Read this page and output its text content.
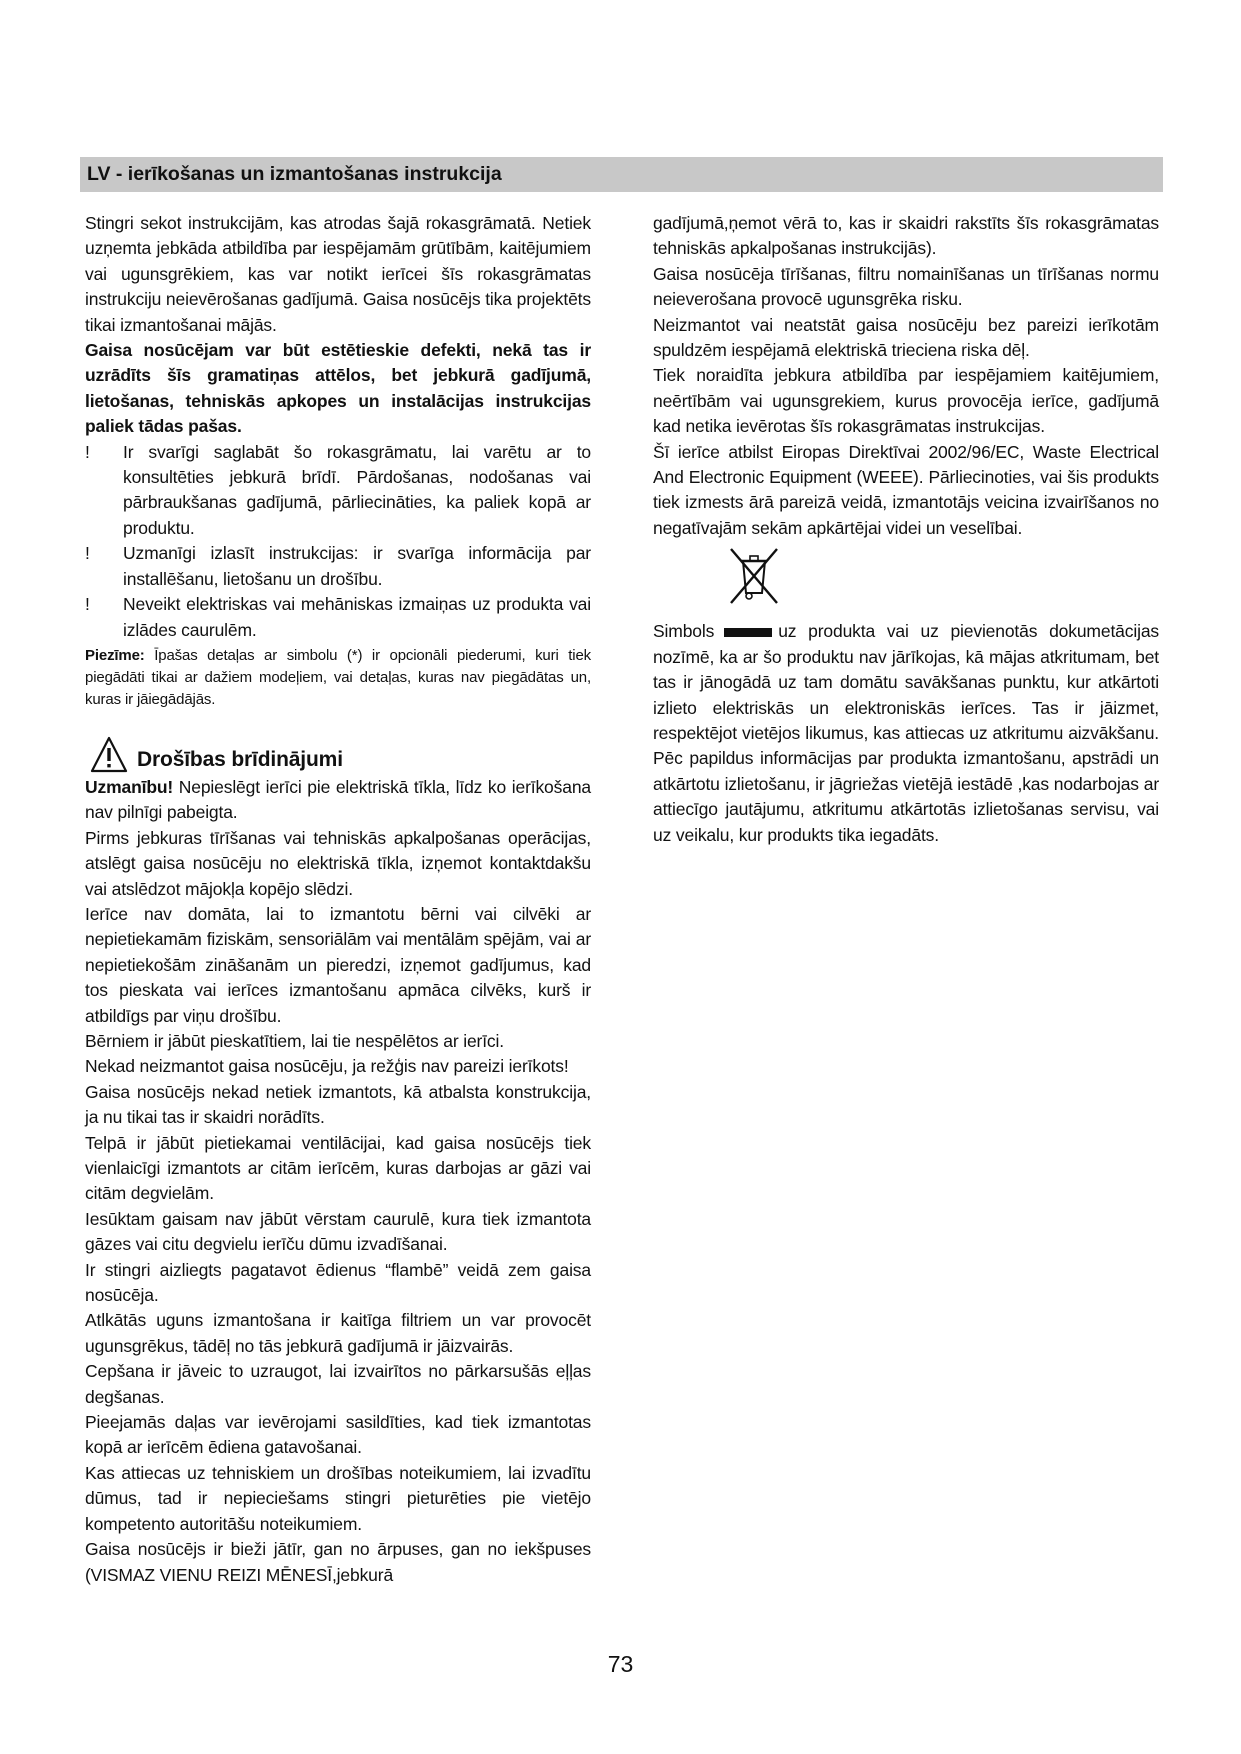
LV - ierīkošanas un izmantošanas instrukcija

Stingri sekot instrukcijām, kas atrodas šajā rokasgrāmatā. Netiek uzņemta jebkāda atbildība par iespējamām grūtībām, kaitējumiem vai ugunsgrēkiem, kas var notikt ierīcei šīs rokasgrāmatas instrukciju neievērošanas gadījumā. Gaisa nosūcējs tika projektēts tikai izmantošanai mājās.

Gaisa nosūcējam var būt estētieskie defekti, nekā tas ir uzrādīts šīs gramatiņas attēlos, bet jebkurā gadījumā, lietošanas, tehniskās apkopes un instalācijas instrukcijas paliek tādas pašas.

!	Ir svarīgi saglabāt šo rokasgrāmatu, lai varētu ar to konsultēties jebkurā brīdī. Pārdošanas, nodošanas vai pārbraukšanas gadījumā, pārliecināties, ka paliek kopā ar produktu.
!	Uzmanīgi izlasīt instrukcijas: ir svarīga informācija par installēšanu, lietošanu un drošību.
!	Neveikt elektriskas vai mehāniskas izmaiņas uz produkta vai izlādes caurulēm.

Piezīme: Īpašas detaļas ar simbolu (*) ir opcionāli piederumi, kuri tiek piegādāti tikai ar dažiem modeļiem, vai detaļas, kuras nav piegādātas un, kuras ir jāiegādājās.

Drošības brīdinājumi

Uzmanību! Nepieslēgt ierīci pie elektriskā tīkla, līdz ko ierīkošana nav pilnīgi pabeigta.

Pirms jebkuras tīrīšanas vai tehniskās apkalpošanas operācijas, atslēgt gaisa nosūcēju no elektriskā tīkla, izņemot kontaktdakšu vai atslēdzot mājokļa kopējo slēdzi.

Ierīce nav domāta, lai to izmantotu bērni vai cilvēki ar nepietiekamām fiziskām, sensoriālām vai mentālām spējām, vai ar nepietiekošām zināšanām un pieredzi, izņemot gadījumus, kad tos pieskata vai ierīces izmantošanu apmāca cilvēks, kurš ir atbildīgs par viņu drošību.

Bērniem ir jābūt pieskatītiem, lai tie nespēlētos ar ierīci.

Nekad neizmantot gaisa nosūcēju, ja režģis nav pareizi ierīkots!

Gaisa nosūcējs nekad netiek izmantots, kā atbalsta konstrukcija, ja nu tikai tas ir skaidri norādīts.

Telpā ir jābūt pietiekamai ventilācijai, kad gaisa nosūcējs tiek vienlaicīgi izmantots ar citām ierīcēm, kuras darbojas ar gāzi vai citām degvielām.

Iesūktam gaisam nav jābūt vērstam caurulē, kura tiek izmantota gāzes vai citu degvielu ierīču dūmu izvadīšanai.

Ir stingri aizliegts pagatavot ēdienus “flambē” veidā zem gaisa nosūcēja.

Atlkātās uguns izmantošana ir kaitīga filtriem un var provocēt ugunsgrēkus, tādēļ no tās jebkurā gadījumā ir jāizvairās.

Cepšana ir jāveic to uzraugot, lai izvairītos no pārkarsušās eļļas degšanas.

Pieejamās daļas var ievērojami sasildīties, kad tiek izmantotas kopā ar ierīcēm ēdiena gatavošanai.

Kas attiecas uz tehniskiem un drošības noteikumiem, lai izvadītu dūmus, tad ir nepieciešams stingri pieturēties pie vietējo kompetento autoritāšu noteikumiem.

Gaisa nosūcējs ir bieži jātīr, gan no ārpuses, gan no iekšpuses (VISMAZ VIENU REIZI MĒNESĪ,jebkurā

gadījumā,ņemot vērā to, kas ir skaidri rakstīts šīs rokasgrāmatas tehniskās apkalpošanas instrukcijās).

Gaisa nosūcēja tīrīšanas, filtru nomainīšanas un tīrīšanas normu neieverošana provocē ugunsgrēka risku.

Neizmantot vai neatstāt gaisa nosūcēju bez pareizi ierīkotām spuldzēm iespējamā elektriskā trieciena riska dēļ.

Tiek noraidīta jebkura atbildība par iespējamiem kaitējumiem, neērtībām vai ugunsgrekiem, kurus provocēja ierīce, gadījumā kad netika ievērotas šīs rokasgrāmatas instrukcijas.

Šī ierīce atbilst Eiropas Direktīvai 2002/96/EC, Waste Electrical And Electronic Equipment (WEEE). Pārliecinoties, vai šis produkts tiek izmests ārā pareizā veidā, izmantotājs veicina izvairīšanos no negatīvajām sekām apkārtējai videi un veselībai.

Simbols	uz produkta vai uz pievienotās dokumetācijas nozīmē, ka ar šo produktu nav jārīkojas, kā mājas atkritumam, bet tas ir jānogādā uz tam domātu savākšanas punktu, kur atkārtoti izlieto elektriskās un elektroniskās ierīces. Tas ir jāizmet, respektējot vietējos likumus, kas attiecas uz atkritumu aizvākšanu. Pēc papildus informācijas par produkta izmantošanu, apstrādi un atkārtotu izlietošanu, ir jāgriežas vietējā iestādē ,kas nodarbojas ar attiecīgo jautājumu, atkritumu atkārtotās izlietošanas servisu, vai uz veikalu, kur produkts tika iegadāts.

73
